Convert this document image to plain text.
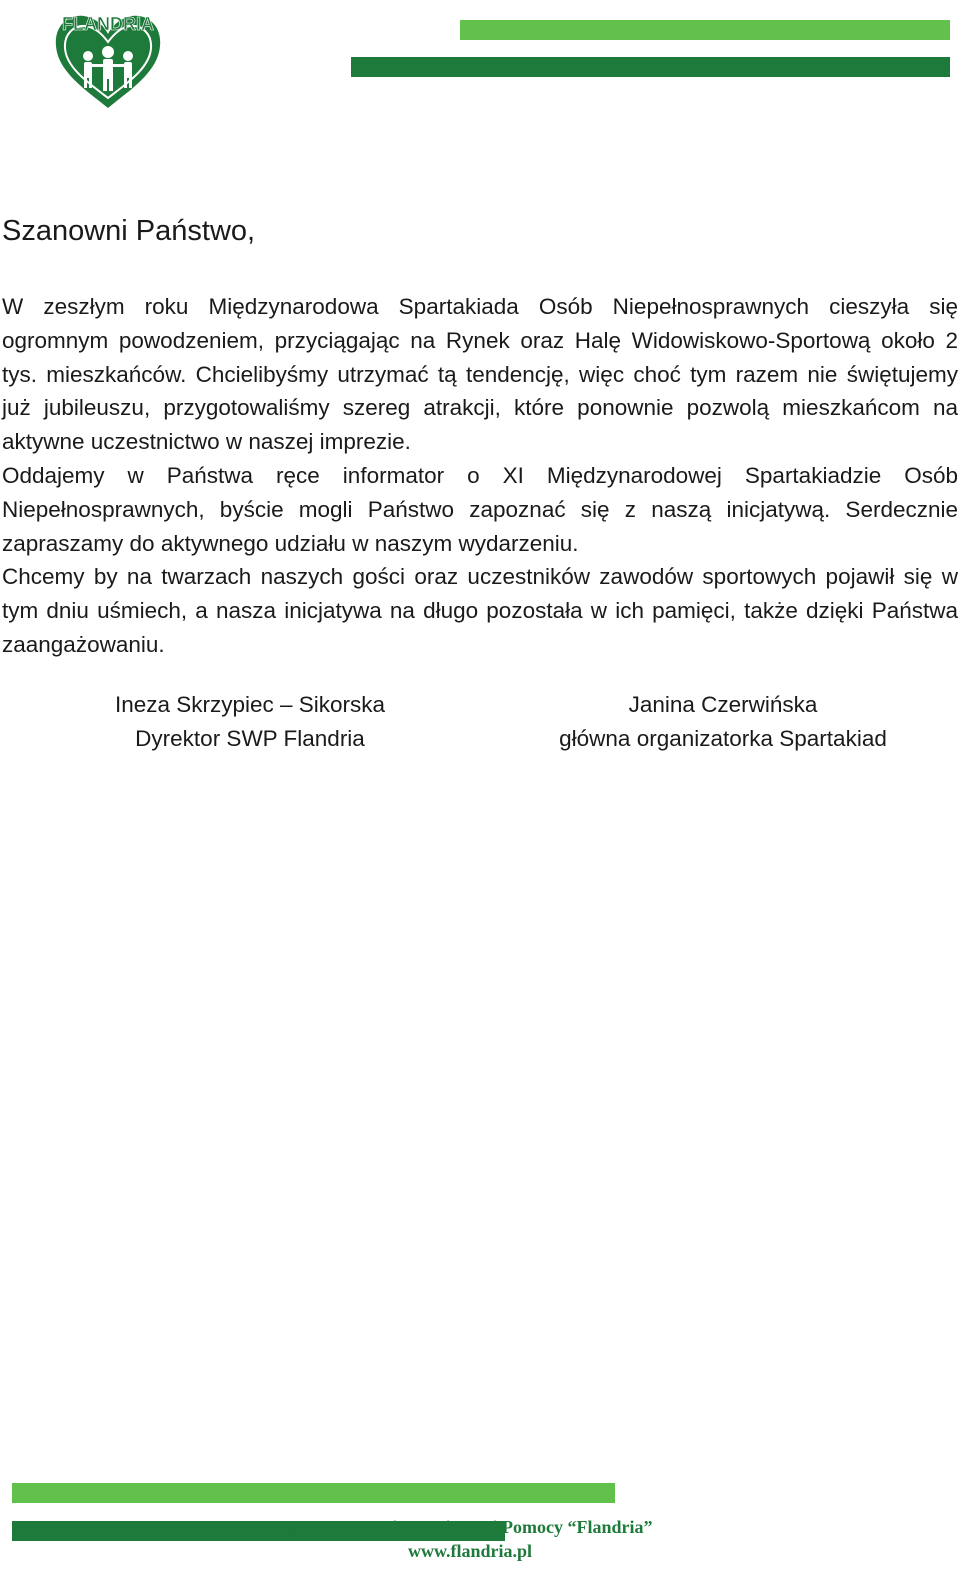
FLANDRIA
Szanowni Państwo,

W zeszłym roku Międzynarodowa Spartakiada Osób Niepełnosprawnych cieszyła się ogromnym powodzeniem, przyciągając na Rynek oraz Halę Widowiskowo-Sportową około 2 tys. mieszkańców. Chcielibyśmy utrzymać tą tendencję, więc choć tym razem nie świętujemy już jubileuszu, przygotowaliśmy szereg atrakcji, które ponownie pozwolą mieszkańcom na aktywne uczestnictwo w naszej imprezie.

Oddajemy w Państwa ręce informator o XI Międzynarodowej Spartakiadzie Osób Niepełnosprawnych, byście mogli Państwo zapoznać się z naszą inicjatywą. Serdecznie zapraszamy do aktywnego udziału w naszym wydarzeniu.

Chcemy by na twarzach naszych gości oraz uczestników zawodów sportowych pojawił się w tym dniu uśmiech, a nasza inicjatywa na długo pozostała w ich pamięci, także dzięki Państwa zaangażowaniu.

Ineza Skrzypiec – Sikorska
Dyrektor SWP Flandria
Janina Czerwińska
główna organizatorka Spartakiad
Stowarzyszenie Wzajemnej Pomocy “Flandria”
www.flandria.pl
